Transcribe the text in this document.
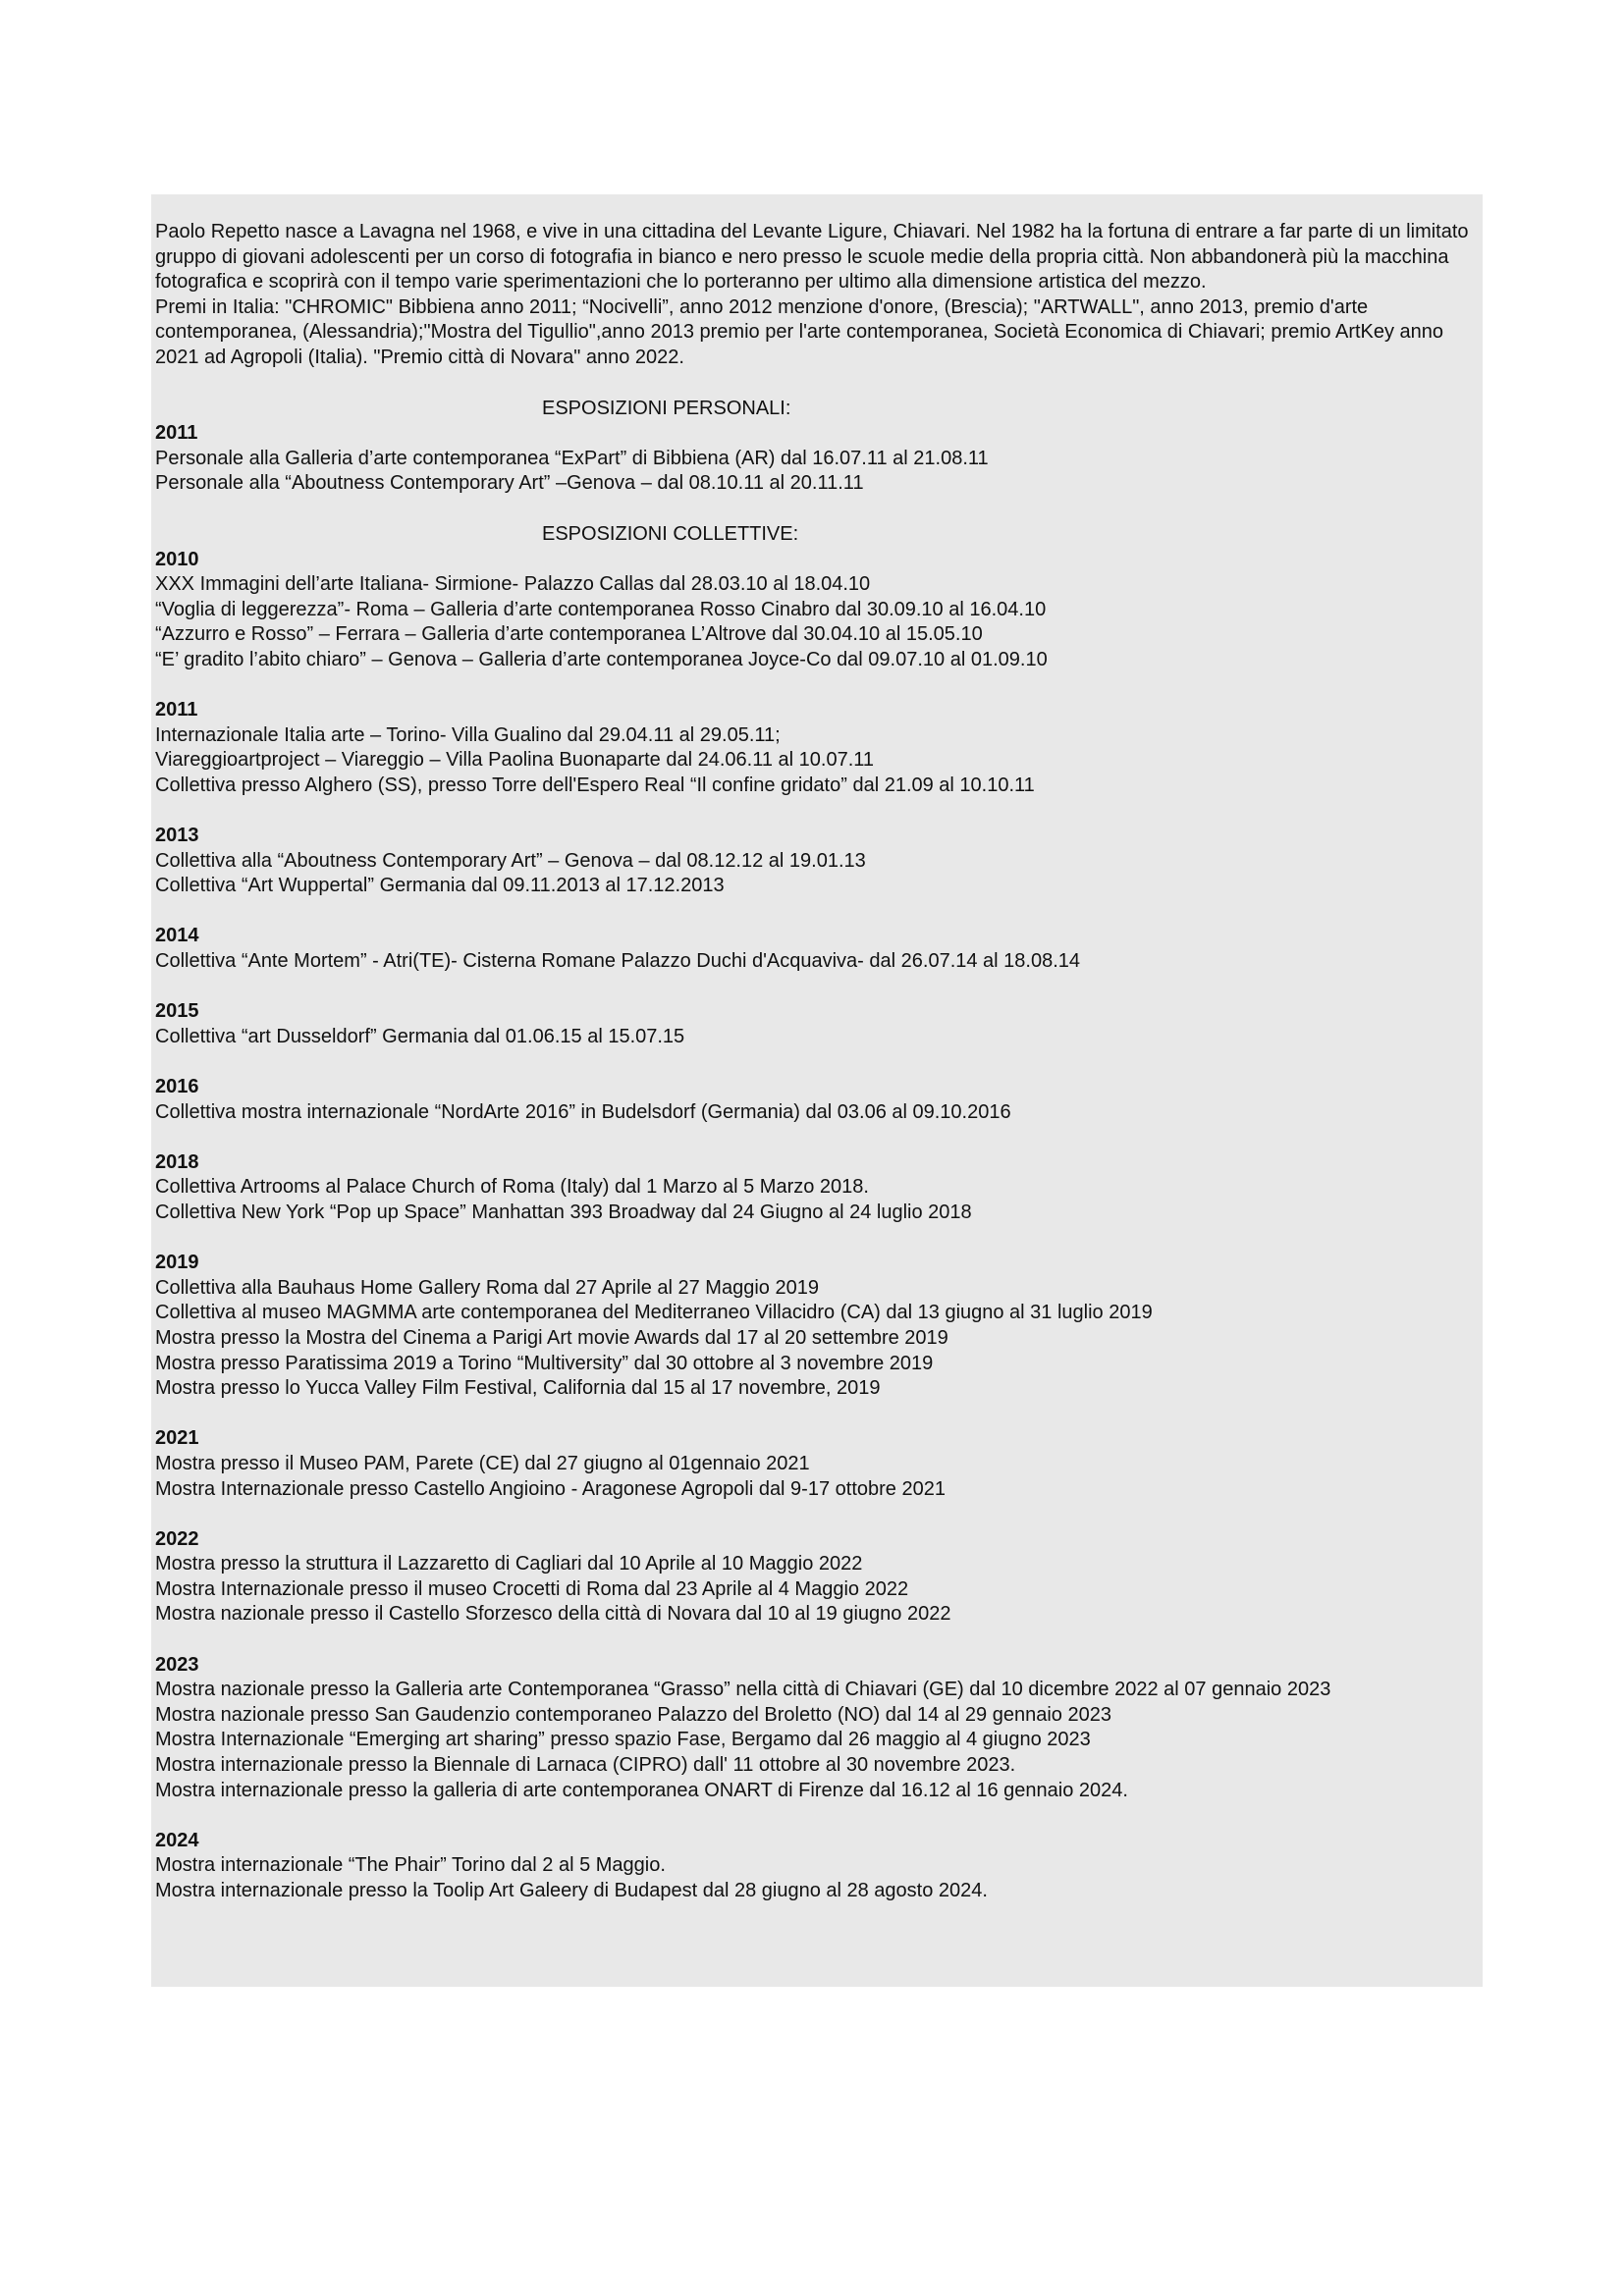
Paolo Repetto nasce a Lavagna nel 1968, e vive in una cittadina del Levante Ligure, Chiavari. Nel 1982 ha la fortuna di entrare a far parte di un limitato gruppo di giovani adolescenti per un corso di fotografia in bianco e nero presso le scuole medie della propria città. Non abbandonerà più la macchina fotografica e scoprirà con il tempo varie sperimentazioni che lo porteranno per ultimo alla dimensione artistica del mezzo.

Premi in Italia: "CHROMIC" Bibbiena anno 2011; “Nocivelli”, anno 2012 menzione d'onore, (Brescia); "ARTWALL", anno 2013, premio d'arte contemporanea, (Alessandria);"Mostra del Tigullio",anno 2013 premio per l'arte contemporanea, Società Economica di Chiavari; premio ArtKey anno 2021 ad Agropoli (Italia). "Premio città di Novara" anno 2022.

ESPOSIZIONI PERSONALI:
2011
Personale alla Galleria d’arte contemporanea “ExPart” di Bibbiena (AR) dal 16.07.11 al 21.08.11
Personale alla “Aboutness Contemporary Art” –Genova – dal 08.10.11 al 20.11.11
ESPOSIZIONI COLLETTIVE:
2010
XXX Immagini dell’arte Italiana- Sirmione- Palazzo Callas dal 28.03.10 al 18.04.10
“Voglia di leggerezza”- Roma – Galleria d’arte contemporanea Rosso Cinabro dal 30.09.10 al 16.04.10
“Azzurro e Rosso” – Ferrara – Galleria d’arte contemporanea L’Altrove dal 30.04.10 al 15.05.10
“E’ gradito l’abito chiaro” – Genova – Galleria d’arte contemporanea Joyce-Co dal 09.07.10 al 01.09.10
2011
Internazionale Italia arte – Torino- Villa Gualino dal 29.04.11 al 29.05.11;
Viareggioartproject – Viareggio – Villa Paolina Buonaparte dal 24.06.11 al 10.07.11
Collettiva presso Alghero (SS), presso Torre dell'Espero Real “Il confine gridato” dal 21.09 al 10.10.11
2013
Collettiva alla “Aboutness Contemporary Art” – Genova – dal 08.12.12 al 19.01.13
Collettiva “Art Wuppertal” Germania dal 09.11.2013 al 17.12.2013
2014
Collettiva “Ante Mortem” - Atri(TE)- Cisterna Romane Palazzo Duchi d'Acquaviva- dal 26.07.14 al 18.08.14
2015
Collettiva “art Dusseldorf” Germania dal 01.06.15 al 15.07.15
2016
Collettiva mostra internazionale “NordArte 2016” in Budelsdorf (Germania) dal 03.06 al 09.10.2016
2018
Collettiva Artrooms al Palace Church of Roma (Italy) dal 1 Marzo al 5 Marzo 2018.
Collettiva New York “Pop up Space” Manhattan 393 Broadway dal 24 Giugno al 24 luglio 2018
2019
Collettiva alla Bauhaus Home Gallery Roma dal 27 Aprile al 27 Maggio 2019
Collettiva al museo MAGMMA arte contemporanea del Mediterraneo Villacidro (CA) dal 13 giugno al 31 luglio 2019
Mostra presso la Mostra del Cinema a Parigi Art movie Awards dal 17 al 20 settembre 2019
Mostra presso Paratissima 2019 a Torino “Multiversity” dal 30 ottobre al 3 novembre 2019
Mostra presso lo Yucca Valley Film Festival, California dal 15 al 17 novembre, 2019
2021
Mostra presso il Museo PAM, Parete (CE) dal 27 giugno al 01gennaio 2021
Mostra Internazionale presso Castello Angioino - Aragonese Agropoli dal 9-17 ottobre 2021
2022
Mostra presso la struttura il Lazzaretto di Cagliari dal 10 Aprile al 10 Maggio 2022
Mostra Internazionale presso il museo Crocetti di Roma dal 23 Aprile al 4 Maggio 2022
Mostra nazionale presso il Castello Sforzesco della città di Novara dal 10 al 19 giugno 2022
2023
Mostra nazionale presso la Galleria arte Contemporanea “Grasso” nella città di Chiavari (GE) dal 10 dicembre 2022 al 07 gennaio 2023
Mostra nazionale presso San Gaudenzio contemporaneo Palazzo del Broletto (NO) dal 14 al 29 gennaio 2023
Mostra Internazionale “Emerging art sharing” presso spazio Fase, Bergamo dal 26 maggio al 4 giugno 2023
Mostra internazionale presso la Biennale di Larnaca (CIPRO) dall' 11 ottobre al 30 novembre 2023.
Mostra internazionale presso la galleria di arte contemporanea ONART di Firenze dal 16.12 al 16 gennaio 2024.
2024
Mostra internazionale “The Phair” Torino dal 2 al 5 Maggio.
Mostra internazionale presso la Toolip Art Galeery di Budapest dal 28 giugno al 28 agosto 2024.
